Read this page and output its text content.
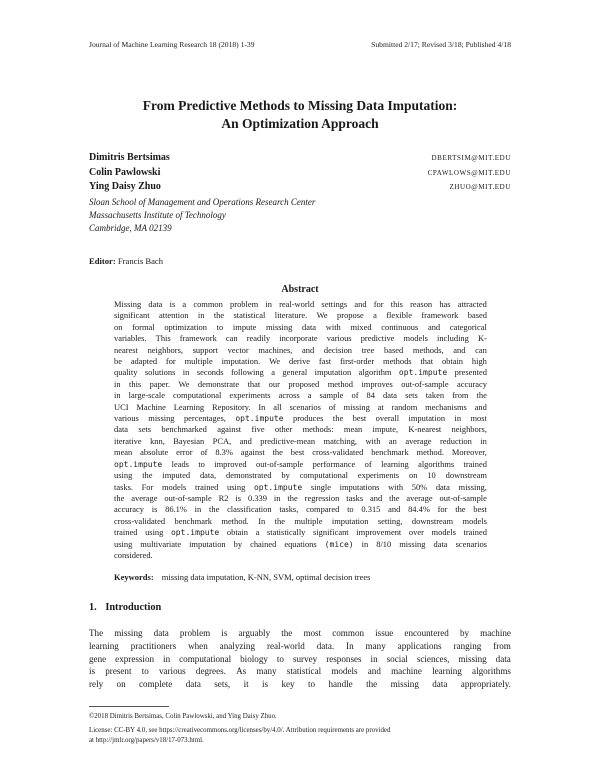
Journal of Machine Learning Research 18 (2018) 1-39	Submitted 2/17; Revised 3/18; Published 4/18
From Predictive Methods to Missing Data Imputation:
An Optimization Approach
Dimitris Bertsimas	DBERTSIM@MIT.EDU
Colin Pawlowski	CPAWLOWS@MIT.EDU
Ying Daisy Zhuo	ZHUO@MIT.EDU
Sloan School of Management and Operations Research Center
Massachusetts Institute of Technology
Cambridge, MA 02139
Editor: Francis Bach
Abstract
Missing data is a common problem in real-world settings and for this reason has attracted
significant attention in the statistical literature. We propose a flexible framework based
on formal optimization to impute missing data with mixed continuous and categorical
variables. This framework can readily incorporate various predictive models including K-
nearest neighbors, support vector machines, and decision tree based methods, and can
be adapted for multiple imputation. We derive fast first-order methods that obtain high
quality solutions in seconds following a general imputation algorithm opt.impute presented
in this paper. We demonstrate that our proposed method improves out-of-sample accuracy
in large-scale computational experiments across a sample of 84 data sets taken from the
UCI Machine Learning Repository. In all scenarios of missing at random mechanisms and
various missing percentages, opt.impute produces the best overall imputation in most
data sets benchmarked against five other methods: mean impute, K-nearest neighbors,
iterative knn, Bayesian PCA, and predictive-mean matching, with an average reduction in
mean absolute error of 8.3% against the best cross-validated benchmark method. Moreover,
opt.impute leads to improved out-of-sample performance of learning algorithms trained
using the imputed data, demonstrated by computational experiments on 10 downstream
tasks. For models trained using opt.impute single imputations with 50% data missing,
the average out-of-sample R2 is 0.339 in the regression tasks and the average out-of-sample
accuracy is 86.1% in the classification tasks, compared to 0.315 and 84.4% for the best
cross-validated benchmark method. In the multiple imputation setting, downstream models
trained using opt.impute obtain a statistically significant improvement over models trained
using multivariate imputation by chained equations (mice) in 8/10 missing data scenarios
considered.
Keywords: missing data imputation, K-NN, SVM, optimal decision trees
1. Introduction
The missing data problem is arguably the most common issue encountered by machine
learning practitioners when analyzing real-world data. In many applications ranging from
gene expression in computational biology to survey responses in social sciences, missing data
is present to various degrees. As many statistical models and machine learning algorithms
rely on complete data sets, it is key to handle the missing data appropriately.
©2018 Dimitris Bertsimas, Colin Pawlowski, and Ying Daisy Zhuo.
License: CC-BY 4.0, see https://creativecommons.org/licenses/by/4.0/. Attribution requirements are provided
at http://jmlr.org/papers/v18/17-073.html.
